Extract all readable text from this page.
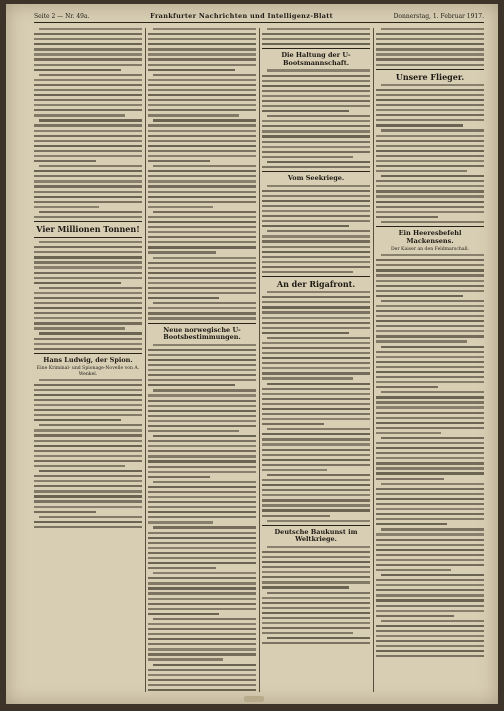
Seite 2 — Nr. 49a.	Frankfurter Nachrichten und Intelligenz-Blatt	Donnerstag, 1. Februar 1917.
Vier Millionen Tonnen!
Hans Ludwig, der Spion.
Eine Kriminal- und Spionage-Novelle von A. Wenkel.
Neue norwegische U-Bootsbestimmungen.
Die Haltung der U-Bootsmannschaft.
Vom Seekriege.
An der Rigafront.
Deutsche Baukunst im Weltkriege.
Unsere Flieger.
Ein Heeresbefehl Mackensens.
Der Kaiser an den Feldmarschall.
